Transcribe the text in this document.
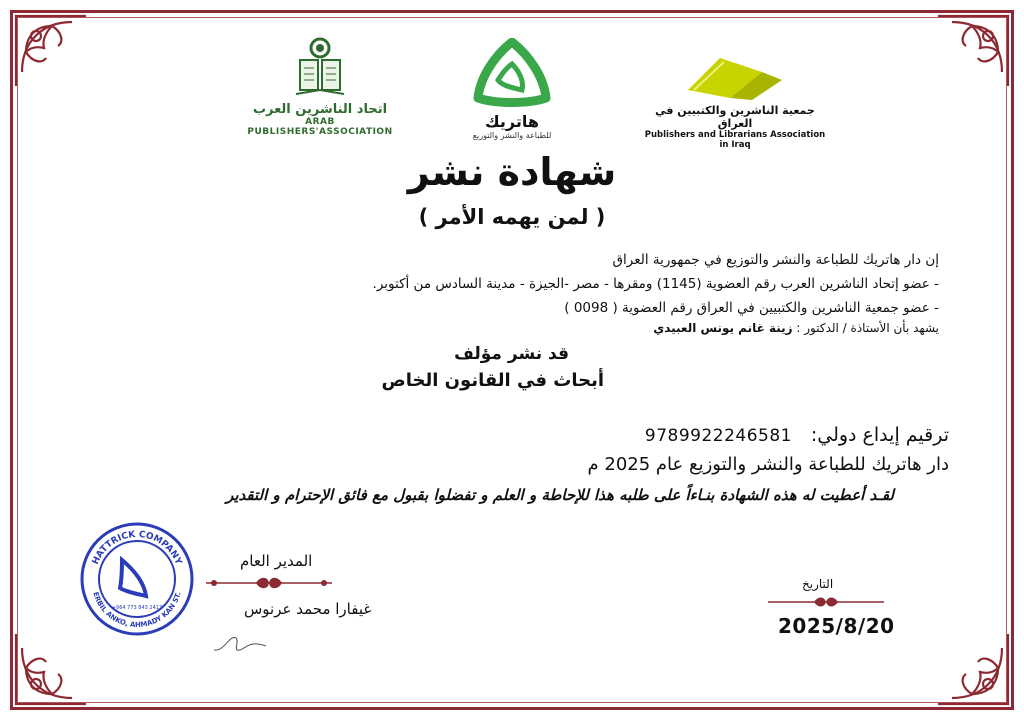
اتحاد الناشرين العرب
ARAB PUBLISHERS'ASSOCIATION
هاتريك
للطباعة والنشر والتوزيع
جمعية الناشرين والكتبيين في العراق
Publishers and Librarians Association in Iraq
شهادة نشر
( لمن يهمه الأمر )
إن دار هاتريك للطباعة والنشر والتوزيع في جمهورية العراق
- عضو إتحاد الناشرين العرب رقم العضوية (1145) ومقرها - مصر -الجيزة - مدينة السادس من أكتوبر.
- عضو جمعية الناشرين والكتبيين في العراق رقم العضوية ( 0098 )
يشهد بأن الأستاذة / الدكتور : زينة غانم يونس العبيدي
قد نشر مؤلف
أبحاث في القانون الخاص
ترقيم إيداع دولي:
9789922246581
دار هاتريك للطباعة والنشر والتوزيع عام 2025 م
لقـد أعطيت له هذه الشهادة بنـاءاً على طلبه هذا للإحاطة و العلم و تفضلوا بقبول مع فائق الإحترام و التقدير
المدير العام
غيفارا محمد عرنوس
HATTRICK COMPANY
ERBIL ANKO, AHMADY KAN ST.
+964 773 843 2417
التاريخ
2025/8/20
